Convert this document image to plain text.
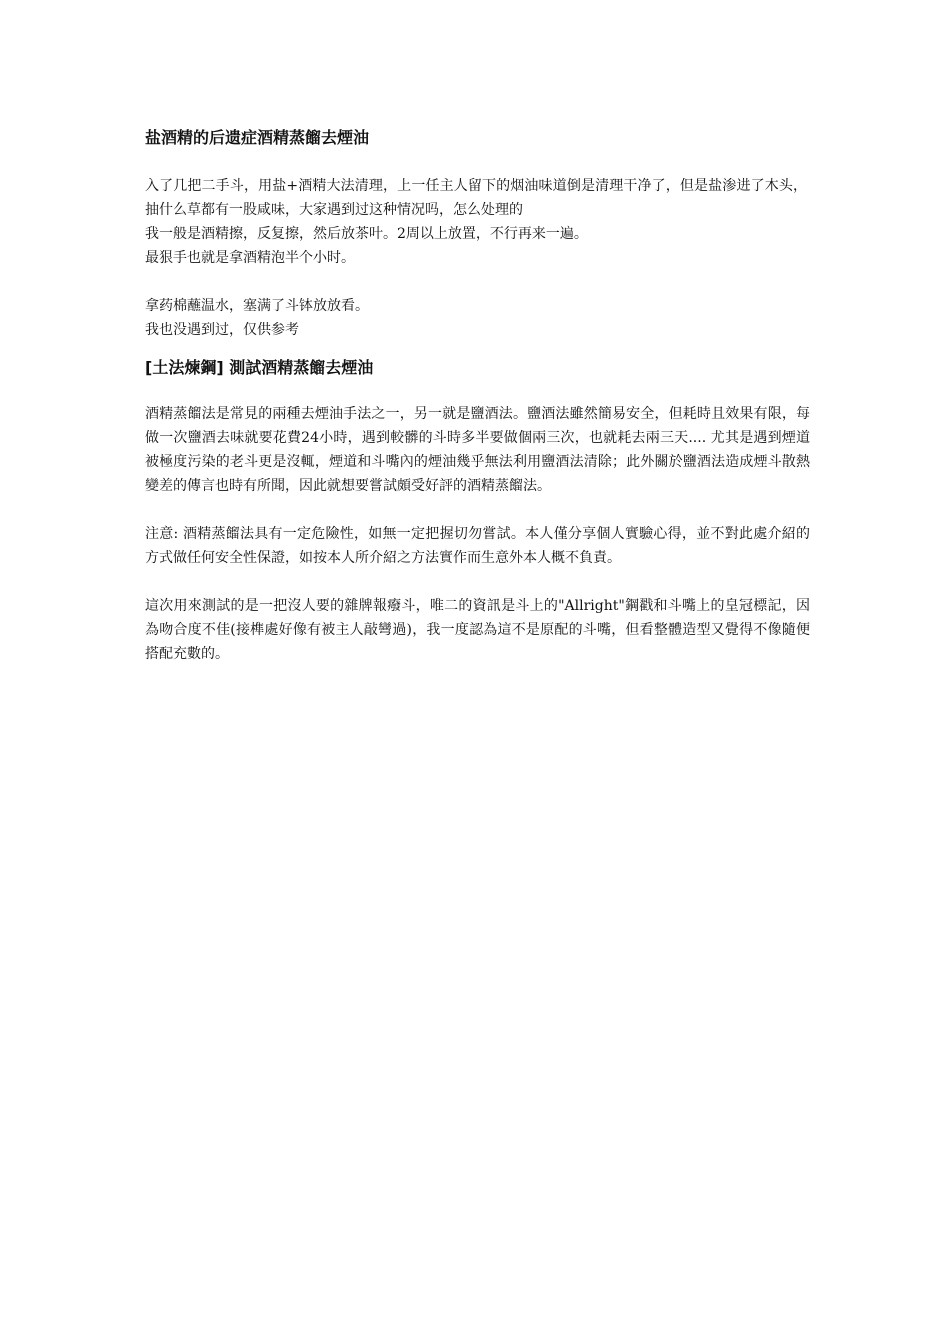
盐酒精的后遗症酒精蒸餾去煙油

入了几把二手斗，用盐+酒精大法清理，上一任主人留下的烟油味道倒是清理干净了，但是盐渗进了木头，抽什么草都有一股咸味，大家遇到过这种情况吗，怎么处理的

我一般是酒精擦，反复擦，然后放茶叶。2周以上放置，不行再来一遍。
最狠手也就是拿酒精泡半个小时。
拿药棉蘸温水，塞满了斗钵放放看。
我也没遇到过，仅供参考
[土法煉鋼] 測試酒精蒸餾去煙油

酒精蒸餾法是常見的兩種去煙油手法之一，另一就是鹽酒法。鹽酒法雖然簡易安全，但耗時且效果有限，每做一次鹽酒去味就要花費24小時，遇到較髒的斗時多半要做個兩三次，也就耗去兩三天.... 尤其是遇到煙道被極度污染的老斗更是沒輒，煙道和斗嘴內的煙油幾乎無法利用鹽酒法清除；此外關於鹽酒法造成煙斗散熱變差的傳言也時有所聞，因此就想要嘗試頗受好評的酒精蒸餾法。

注意: 酒精蒸餾法具有一定危險性，如無一定把握切勿嘗試。本人僅分享個人實驗心得，並不對此處介紹的方式做任何安全性保證，如按本人所介紹之方法實作而生意外本人概不負責。

這次用來測試的是一把沒人要的雜牌報癈斗，唯二的資訊是斗上的"Allright"鋼戳和斗嘴上的皇冠標記，因為吻合度不佳(接榫處好像有被主人敲彎過)，我一度認為這不是原配的斗嘴，但看整體造型又覺得不像隨便搭配充數的。
